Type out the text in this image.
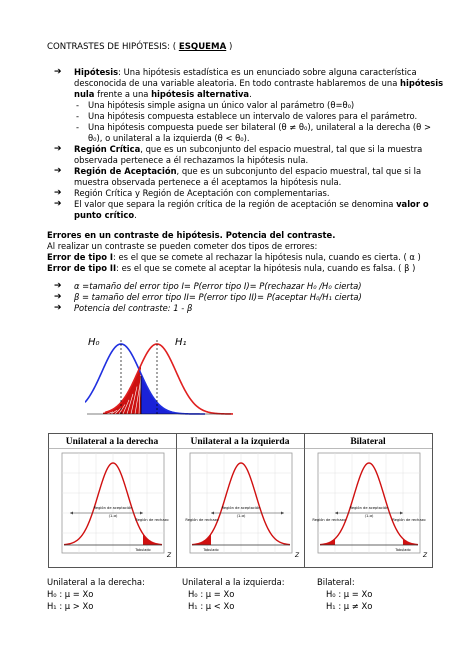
CONTRASTES DE HIPÓTESIS: ( ESQUEMA )
➔ Hipótesis: Una hipótesis estadística es un enunciado sobre alguna característica
desconocida de una variable aleatoria. En todo contraste hablaremos de una hipótesis
nula frente a una hipótesis alternativa.
- Una hipótesis simple asigna un único valor al parámetro (θ=θ₀)
- Una hipótesis compuesta establece un intervalo de valores para el parámetro.
- Una hipótesis compuesta puede ser bilateral (θ ≠ θ₀), unilateral a la derecha (θ >
θ₀), o unilateral a la izquierda (θ < θ₀).
➔ Región Crítica, que es un subconjunto del espacio muestral, tal que si la muestra
observada pertenece a él rechazamos la hipótesis nula.
➔ Región de Aceptación, que es un subconjunto del espacio muestral, tal que si la
muestra observada pertenece a él aceptamos la hipótesis nula.
➔ Región Crítica y Región de Aceptación con complementarias.
➔ El valor que separa la región crítica de la región de aceptación se denomina valor o
punto crítico.
Errores en un contraste de hipótesis. Potencia del contraste.
Al realizar un contraste se pueden cometer dos tipos de errores:
Error de tipo I: es el que se comete al rechazar la hipótesis nula, cuando es cierta. ( α )
Error de tipo II: es el que se comete al aceptar la hipótesis nula, cuando es falsa. ( β )
➔ α =tamaño del error tipo I= P(error tipo I)= P(rechazar H₀ /H₀ cierta)
➔ β = tamaño del error tipo II= P(error tipo II)= P(aceptar H₀/H₁ cierta)
➔ Potencia del contraste: 1 - β
H₀	H₁
Unilateral a la derecha
Región de aceptación
(1-α)
Región de rechazo
Tabulado
Z
Unilateral a la izquierda
Región de aceptación
(1-α)
Región de rechazo
Tabulado
Z
Bilateral
Región de aceptación
(1-α)
Región de rechazo	Región de rechazo
Tabulado
Z
Unilateral a la derecha:
H₀ : μ = Xo
H₁ : μ > Xo
Unilateral a la izquierda:
H₀ : μ = Xo
H₁ : μ < Xo
Bilateral:
H₀ : μ = Xo
H₁ : μ ≠ Xo
